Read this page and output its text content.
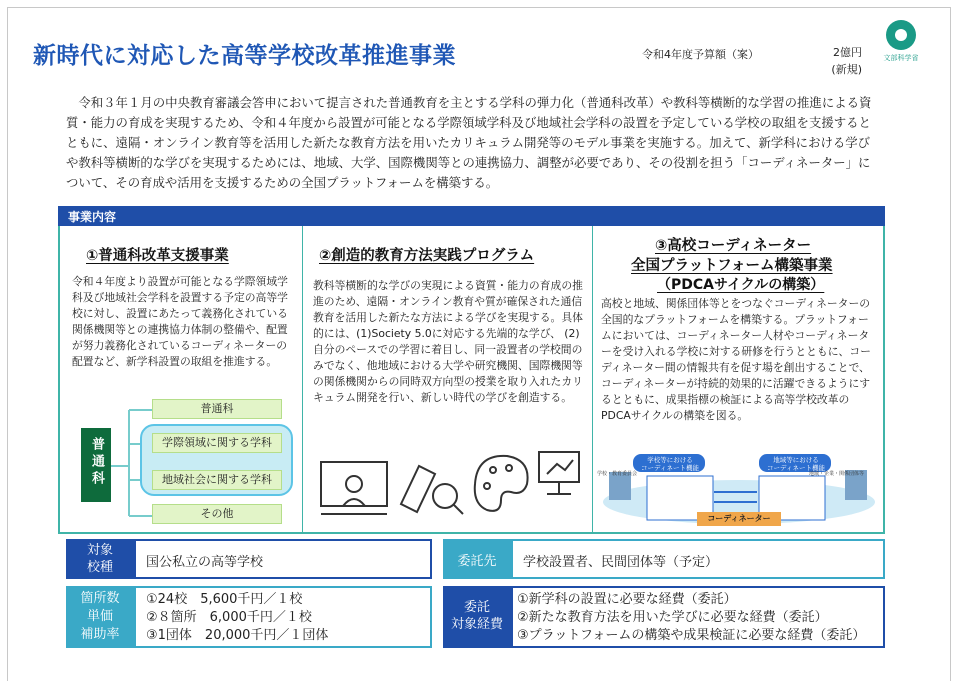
新時代に対応した高等学校改革推進事業	令和4年度予算額（案）	2億円
(新規)
文部科学省
令和３年１月の中央教育審議会答申において提言された普通教育を主とする学科の弾力化（普通科改革）や教科等横断的な学習の推進による資質・能力の育成を実現するため、令和４年度から設置が可能となる学際領域学科及び地域社会学科の設置を予定している学校の取組を支援するとともに、遠隔・オンライン教育等を活用した新たな教育方法を用いたカリキュラム開発等のモデル事業を実施する。加えて、新学科における学びや教科等横断的な学びを実現するためには、地域、大学、国際機関等との連携協力、調整が必要であり、その役割を担う「コーディネーター」について、その育成や活用を支援するための全国プラットフォームを構築する。
事業内容
①普通科改革支援事業
令和４年度より設置が可能となる学際領域学科及び地域社会学科を設置する予定の高等学校に対し、設置にあたって義務化されている関係機関等との連携協力体制の整備や、配置が努力義務化されているコーディネーターの配置など、新学科設置の取組を推進する。
普通科
普通科
学際領域に関する学科
地域社会に関する学科
その他
②創造的教育方法実践プログラム
教科等横断的な学びの実現による資質・能力の育成の推進のため、遠隔・オンライン教育や質が確保された通信教育を活用した新たな方法による学びを実現する。具体的には、(1)Society 5.0に対応する先端的な学び、 (2)自分のペースでの学習に着目し、同一設置者の学校間のみでなく、他地域における大学や研究機関、国際機関等の関係機関からの同時双方向型の授業を取り入れたカリキュラム開発を行い、新しい時代の学びを創造する。
③高校コーディネーター
全国プラットフォーム構築事業
（PDCAサイクルの構築）
高校と地域、関係団体等とをつなぐコーディネーターの全国的なプラットフォームを構築する。プラットフォームにおいては、コーディネーター人材やコーディネーターを受け入れる学校に対する研修を行うとともに、コーディネーター間の情報共有を促す場を創出することで、コーディネーターが持続的効果的に活躍できるようにするとともに、成果指標の検証による高等学校改革のPDCAサイクルの構築を図る。
学校等における
コーディネート機能
地域等における
コーディネート機能
学校・教育委員会	地域・企業・関係団体等
コーディネーター
対象
校種	国公私立の高等学校	委託先	学校設置者、民間団体等（予定）
箇所数
単価
補助率
①24校　5,600千円／１校
②８箇所　6,000千円／１校
③1団体　20,000千円／１団体
委託
対象経費
①新学科の設置に必要な経費（委託）
②新たな教育方法を用いた学びに必要な経費（委託）
③プラットフォームの構築や成果検証に必要な経費（委託）
